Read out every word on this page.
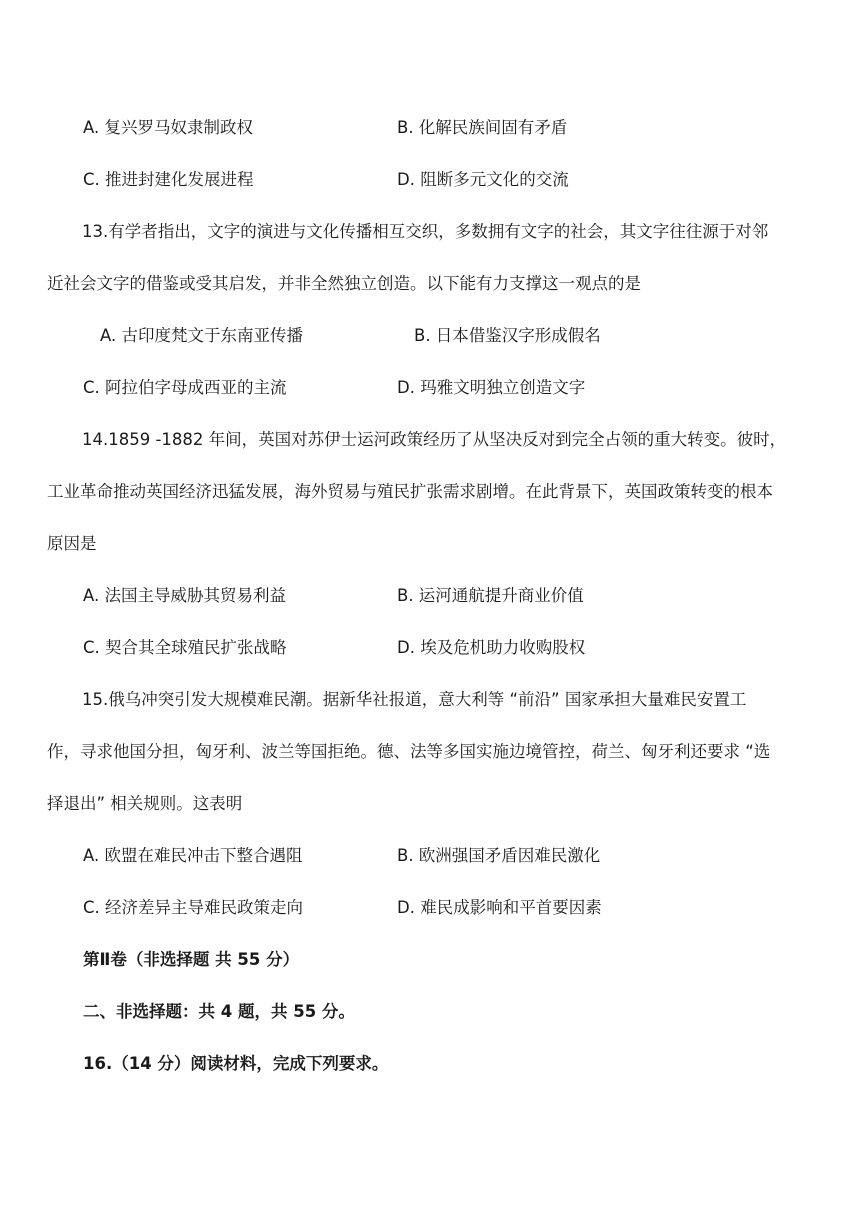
A. 复兴罗马奴隶制政权	B. 化解民族间固有矛盾
C. 推进封建化发展进程	D. 阻断多元文化的交流
13.有学者指出，文字的演进与文化传播相互交织，多数拥有文字的社会，其文字往往源于对邻
近社会文字的借鉴或受其启发，并非全然独立创造。以下能有力支撑这一观点的是
A. 古印度梵文于东南亚传播	B. 日本借鉴汉字形成假名
C. 阿拉伯字母成西亚的主流	D. 玛雅文明独立创造文字
14.1859 -1882 年间，英国对苏伊士运河政策经历了从坚决反对到完全占领的重大转变。彼时，
工业革命推动英国经济迅猛发展，海外贸易与殖民扩张需求剧增。在此背景下，英国政策转变的根本
原因是
A. 法国主导威胁其贸易利益	B. 运河通航提升商业价值
C. 契合其全球殖民扩张战略	D. 埃及危机助力收购股权
15.俄乌冲突引发大规模难民潮。据新华社报道，意大利等 “前沿” 国家承担大量难民安置工
作，寻求他国分担，匈牙利、波兰等国拒绝。德、法等多国实施边境管控，荷兰、匈牙利还要求 “选
择退出” 相关规则。这表明
A. 欧盟在难民冲击下整合遇阻	B. 欧洲强国矛盾因难民激化
C. 经济差异主导难民政策走向	D. 难民成影响和平首要因素
第Ⅱ卷（非选择题 共 55 分）
二、非选择题：共 4 题，共 55 分。
16.（14 分）阅读材料，完成下列要求。
